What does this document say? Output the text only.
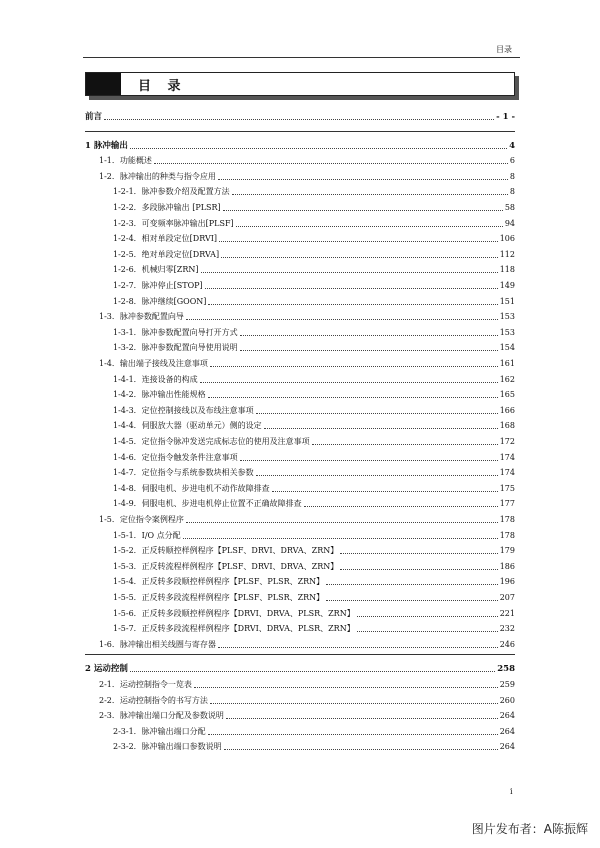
目录
目 录
前言	- 1 -
1 脉冲输出	4
1-1．功能概述	6
1-2．脉冲输出的种类与指令应用	8
1-2-1．脉冲参数介绍及配置方法	8
1-2-2．多段脉冲输出 [PLSR]	58
1-2-3．可变频率脉冲输出[PLSF]	94
1-2-4．相对单段定位[DRVI]	106
1-2-5．绝对单段定位[DRVA]	112
1-2-6．机械归零[ZRN]	118
1-2-7．脉冲停止[STOP]	149
1-2-8．脉冲继续[GOON]	151
1-3．脉冲参数配置向导	153
1-3-1．脉冲参数配置向导打开方式	153
1-3-2．脉冲参数配置向导使用说明	154
1-4．输出端子接线及注意事项	161
1-4-1．连接设备的构成	162
1-4-2．脉冲输出性能规格	165
1-4-3．定位控制接线以及布线注意事项	166
1-4-4．伺服放大器（驱动单元）侧的设定	168
1-4-5．定位指令脉冲发送完成标志位的使用及注意事项	172
1-4-6．定位指令触发条件注意事项	174
1-4-7．定位指令与系统参数块相关参数	174
1-4-8．伺服电机、步进电机不动作故障排查	175
1-4-9．伺服电机、步进电机停止位置不正确故障排查	177
1-5．定位指令案例程序	178
1-5-1．I/O 点分配	178
1-5-2．正反转顺控样例程序【PLSF、DRVI、DRVA、ZRN】	179
1-5-3．正反转流程样例程序【PLSF、DRVI、DRVA、ZRN】	186
1-5-4．正反转多段顺控样例程序【PLSF、PLSR、ZRN】	196
1-5-5．正反转多段流程样例程序【PLSF、PLSR、ZRN】	207
1-5-6．正反转多段顺控样例程序【DRVI、DRVA、PLSR、ZRN】	221
1-5-7．正反转多段流程样例程序【DRVI、DRVA、PLSR、ZRN】	232
1-6．脉冲输出相关线圈与寄存器	246
2 运动控制	258
2-1．运动控制指令一览表	259
2-2．运动控制指令的书写方法	260
2-3．脉冲输出端口分配及参数说明	264
2-3-1．脉冲输出端口分配	264
2-3-2．脉冲输出端口参数说明	264
i
图片发布者：A陈振辉
